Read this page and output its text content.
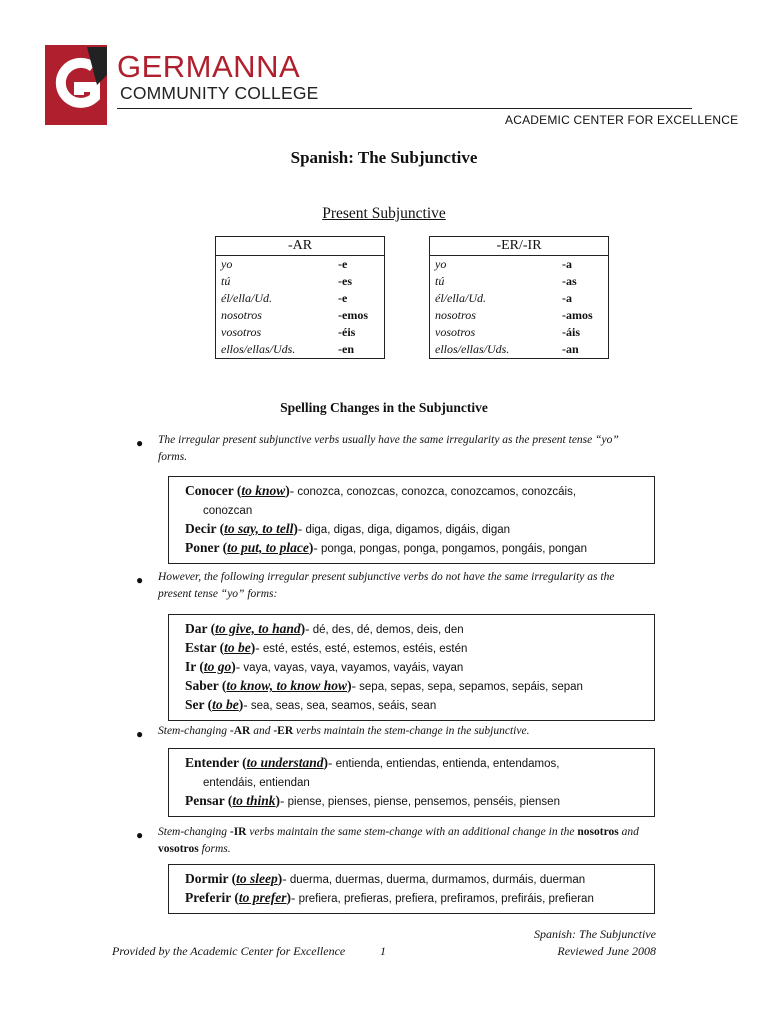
GERMANNA
COMMUNITY COLLEGE
ACADEMIC CENTER FOR EXCELLENCE
Spanish: The Subjunctive
Present Subjunctive
-AR	
yo	-e
tú	-es
él/ella/Ud.	-e
nosotros	-emos
vosotros	-éis
ellos/ellas/Uds.	-en
-ER/-IR	
yo	-a
tú	-as
él/ella/Ud.	-a
nosotros	-amos
vosotros	-áis
ellos/ellas/Uds.	-an
Spelling Changes in the Subjunctive
● The irregular present subjunctive verbs usually have the same irregularity as the present tense “yo” forms.
Conocer (to know)- conozca, conozcas, conozca, conozcamos, conozcáis,
conozcan
Decir (to say, to tell)- diga, digas, diga, digamos, digáis, digan
Poner (to put, to place)- ponga, pongas, ponga, pongamos, pongáis, pongan
● However, the following irregular present subjunctive verbs do not have the same irregularity as the present tense “yo” forms:
Dar (to give, to hand)- dé, des, dé, demos, deis, den
Estar (to be)- esté, estés, esté, estemos, estéis, estén
Ir (to go)- vaya, vayas, vaya, vayamos, vayáis, vayan
Saber (to know, to know how)- sepa, sepas, sepa, sepamos, sepáis, sepan
Ser (to be)- sea, seas, sea, seamos, seáis, sean
● Stem-changing -AR and -ER verbs maintain the stem-change in the subjunctive.
Entender (to understand)- entienda, entiendas, entienda, entendamos,
entendáis, entiendan
Pensar (to think)- piense, pienses, piense, pensemos, penséis, piensen
● Stem-changing -IR verbs maintain the same stem-change with an additional change in the nosotros and vosotros forms.
Dormir (to sleep)- duerma, duermas, duerma, durmamos, durmáis, duerman
Preferir (to prefer)- prefiera, prefieras, prefiera, prefiramos, prefiráis, prefieran
Provided by the Academic Center for Excellence	1
Spanish: The Subjunctive
Reviewed June 2008
